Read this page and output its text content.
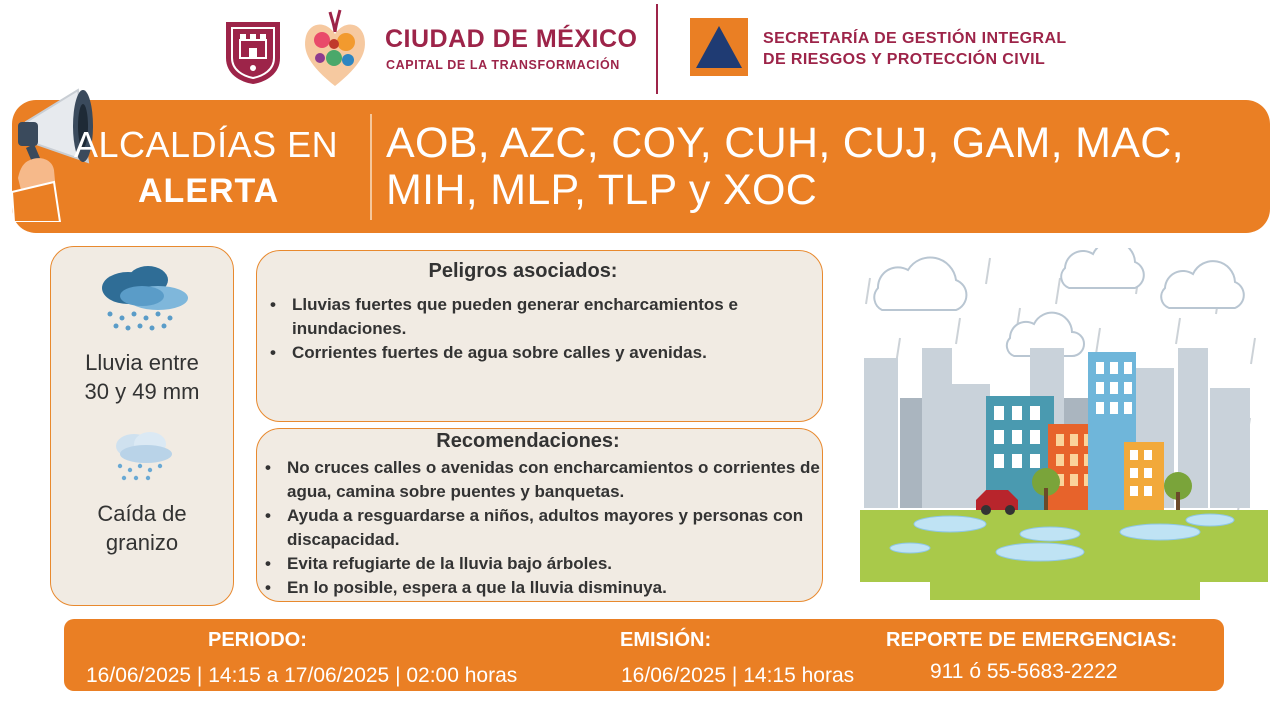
CIUDAD DE MÉXICO
CAPITAL DE LA TRANSFORMACIÓN
SECRETARÍA DE GESTIÓN INTEGRAL
DE RIESGOS Y PROTECCIÓN CIVIL
ALCALDÍAS EN
ALERTA
AOB, AZC, COY, CUH, CUJ, GAM, MAC,
MIH, MLP, TLP y XOC
Lluvia entre
30 y 49 mm
Caída de
granizo
Peligros asociados:
• Lluvias fuertes que pueden generar encharcamientos e inundaciones.
• Corrientes fuertes de agua sobre calles y avenidas.
Recomendaciones:
• No cruces calles o avenidas con encharcamientos o corrientes de agua, camina sobre puentes y banquetas.
• Ayuda a resguardarse a niños, adultos mayores y personas con discapacidad.
• Evita refugiarte de la lluvia bajo árboles.
• En lo posible, espera a que la lluvia disminuya.
PERIODO:
16/06/2025 | 14:15 a 17/06/2025 | 02:00 horas
EMISIÓN:
16/06/2025 | 14:15 horas
REPORTE DE EMERGENCIAS:
911 ó 55-5683-2222
